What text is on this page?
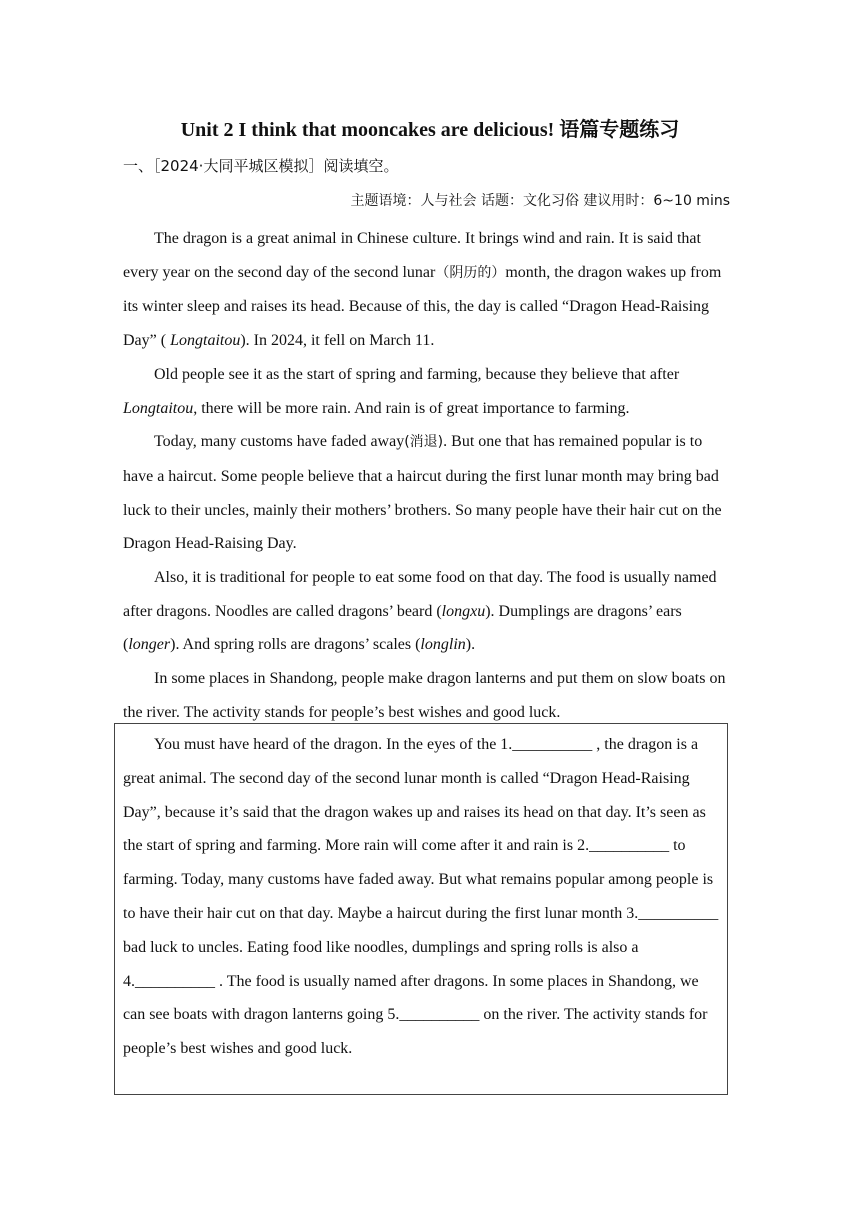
Unit 2 I think that mooncakes are delicious! 语篇专题练习
一、［2024·大同平城区模拟］阅读填空。
主题语境：人与社会 话题：文化习俗 建议用时：6~10 mins

The dragon is a great animal in Chinese culture. It brings wind and rain. It is said that every year on the second day of the second lunar（阴历的）month, the dragon wakes up from its winter sleep and raises its head. Because of this, the day is called “Dragon Head-Raising Day” ( Longtaitou). In 2024, it fell on March 11.

Old people see it as the start of spring and farming, because they believe that after Longtaitou, there will be more rain. And rain is of great importance to farming.

Today, many customs have faded away(消退). But one that has remained popular is to have a haircut. Some people believe that a haircut during the first lunar month may bring bad luck to their uncles, mainly their mothers’ brothers. So many people have their hair cut on the Dragon Head-Raising Day.

Also, it is traditional for people to eat some food on that day. The food is usually named after dragons. Noodles are called dragons’ beard (longxu). Dumplings are dragons’ ears (longer). And spring rolls are dragons’ scales (longlin).

In some places in Shandong, people make dragon lanterns and put them on slow boats on the river. The activity stands for people’s best wishes and good luck.

You must have heard of the dragon. In the eyes of the 1.__________ , the dragon is a great animal. The second day of the second lunar month is called “Dragon Head-Raising Day”, because it’s said that the dragon wakes up and raises its head on that day. It’s seen as the start of spring and farming. More rain will come after it and rain is 2.__________ to farming. Today, many customs have faded away. But what remains popular among people is to have their hair cut on that day. Maybe a haircut during the first lunar month 3.__________ bad luck to uncles. Eating food like noodles, dumplings and spring rolls is also a 4.__________ . The food is usually named after dragons. In some places in Shandong, we can see boats with dragon lanterns going 5.__________ on the river. The activity stands for people’s best wishes and good luck.
